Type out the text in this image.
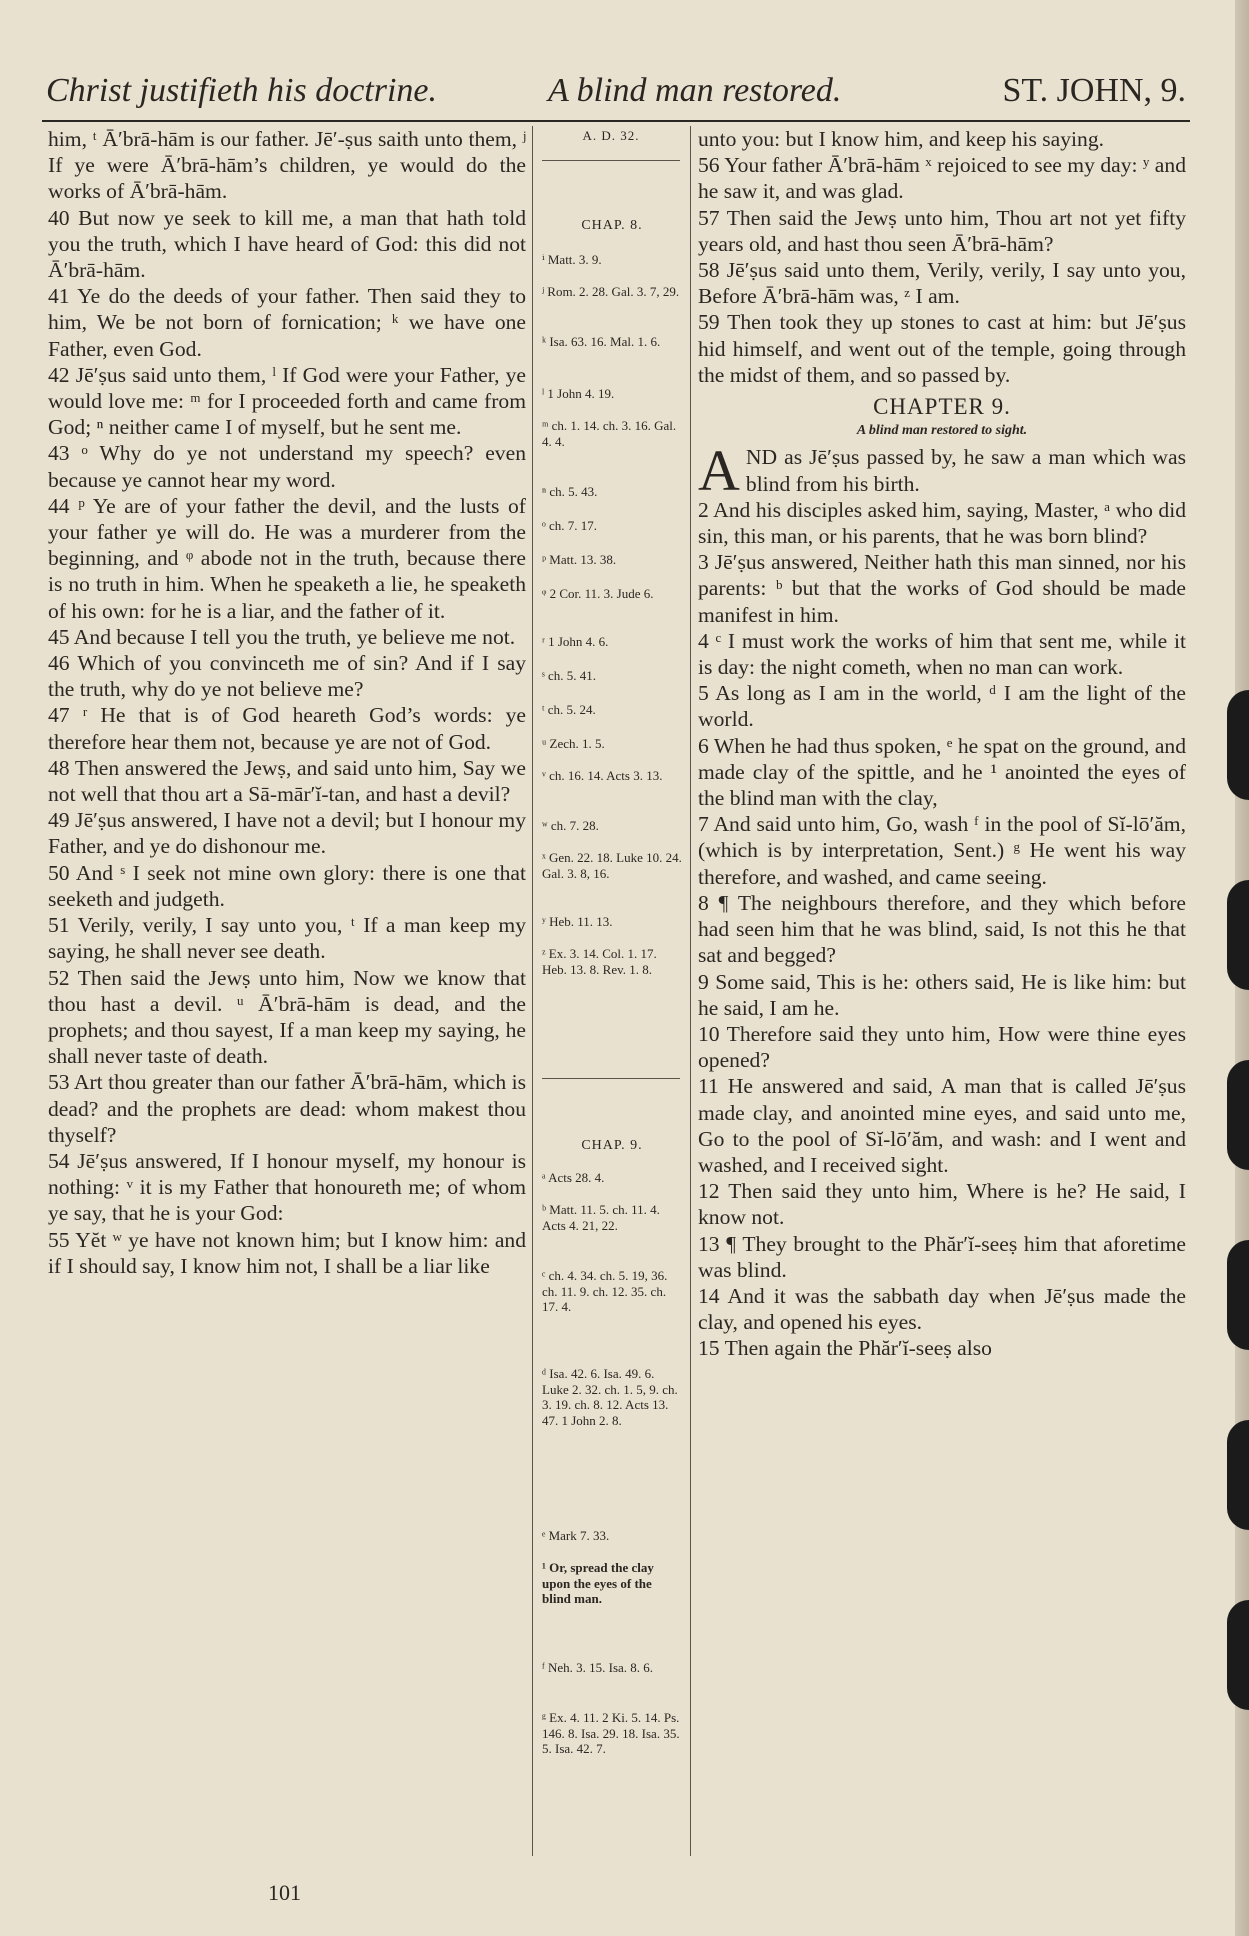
Christ justifieth his doctrine.	A blind man restored.	ST. JOHN, 9.

him, ᵗ Ā′brā-hām is our father. Jē′-ṣus saith unto them, ʲ If ye were Ā′brā-hām’s children, ye would do the works of Ā′brā-hām.

40 But now ye seek to kill me, a man that hath told you the truth, which I have heard of God: this did not Ā′brā-hām.

41 Ye do the deeds of your father. Then said they to him, We be not born of fornication; ᵏ we have one Father, even God.

42 Jē′ṣus said unto them, ˡ If God were your Father, ye would love me: ᵐ for I proceeded forth and came from God; ⁿ neither came I of myself, but he sent me.

43 ᵒ Why do ye not understand my speech? even because ye cannot hear my word.

44 ᵖ Ye are of your father the devil, and the lusts of your father ye will do. He was a murderer from the beginning, and ᵠ abode not in the truth, because there is no truth in him. When he speaketh a lie, he speaketh of his own: for he is a liar, and the father of it.

45 And because I tell you the truth, ye believe me not.

46 Which of you convinceth me of sin? And if I say the truth, why do ye not believe me?

47 ʳ He that is of God heareth God’s words: ye therefore hear them not, because ye are not of God.

48 Then answered the Jewṣ, and said unto him, Say we not well that thou art a Sā-mār′ĭ-tan, and hast a devil?

49 Jē′ṣus answered, I have not a devil; but I honour my Father, and ye do dishonour me.

50 And ˢ I seek not mine own glory: there is one that seeketh and judgeth.

51 Verily, verily, I say unto you, ᵗ If a man keep my saying, he shall never see death.

52 Then said the Jewṣ unto him, Now we know that thou hast a devil. ᵘ Ā′brā-hām is dead, and the prophets; and thou sayest, If a man keep my saying, he shall never taste of death.

53 Art thou greater than our father Ā′brā-hām, which is dead? and the prophets are dead: whom makest thou thyself?

54 Jē′ṣus answered, If I honour myself, my honour is nothing: ᵛ it is my Father that honoureth me; of whom ye say, that he is your God:

55 Yĕt ʷ ye have not known him; but I know him: and if I should say, I know him not, I shall be a liar like

A. D. 32.
CHAP. 8.
ⁱ Matt. 3. 9.
ʲ Rom. 2. 28. Gal. 3. 7, 29.
ᵏ Isa. 63. 16. Mal. 1. 6.
ˡ 1 John 4. 19.
ᵐ ch. 1. 14. ch. 3. 16. Gal. 4. 4.
ⁿ ch. 5. 43.
ᵒ ch. 7. 17.
ᵖ Matt. 13. 38.
ᵠ 2 Cor. 11. 3. Jude 6.
ʳ 1 John 4. 6.
ˢ ch. 5. 41.
ᵗ ch. 5. 24.
ᵘ Zech. 1. 5.
ᵛ ch. 16. 14. Acts 3. 13.
ʷ ch. 7. 28.
ˣ Gen. 22. 18. Luke 10. 24. Gal. 3. 8, 16.
ʸ Heb. 11. 13.
ᶻ Ex. 3. 14. Col. 1. 17. Heb. 13. 8. Rev. 1. 8.
CHAP. 9.
ᵃ Acts 28. 4.
ᵇ Matt. 11. 5. ch. 11. 4. Acts 4. 21, 22.
ᶜ ch. 4. 34. ch. 5. 19, 36. ch. 11. 9. ch. 12. 35. ch. 17. 4.
ᵈ Isa. 42. 6. Isa. 49. 6. Luke 2. 32. ch. 1. 5, 9. ch. 3. 19. ch. 8. 12. Acts 13. 47. 1 John 2. 8.
ᵉ Mark 7. 33.
¹ Or, spread the clay upon the eyes of the blind man.
ᶠ Neh. 3. 15. Isa. 8. 6.
ᵍ Ex. 4. 11. 2 Ki. 5. 14. Ps. 146. 8. Isa. 29. 18. Isa. 35. 5. Isa. 42. 7.

unto you: but I know him, and keep his saying.

56 Your father Ā′brā-hām ˣ rejoiced to see my day: ʸ and he saw it, and was glad.

57 Then said the Jewṣ unto him, Thou art not yet fifty years old, and hast thou seen Ā′brā-hām?

58 Jē′ṣus said unto them, Verily, verily, I say unto you, Before Ā′brā-hām was, ᶻ I am.

59 Then took they up stones to cast at him: but Jē′ṣus hid himself, and went out of the temple, going through the midst of them, and so passed by.

CHAPTER 9.
A blind man restored to sight.

AND as Jē′ṣus passed by, he saw a man which was blind from his birth.

2 And his disciples asked him, saying, Master, ᵃ who did sin, this man, or his parents, that he was born blind?

3 Jē′ṣus answered, Neither hath this man sinned, nor his parents: ᵇ but that the works of God should be made manifest in him.

4 ᶜ I must work the works of him that sent me, while it is day: the night cometh, when no man can work.

5 As long as I am in the world, ᵈ I am the light of the world.

6 When he had thus spoken, ᵉ he spat on the ground, and made clay of the spittle, and he ¹ anointed the eyes of the blind man with the clay,

7 And said unto him, Go, wash ᶠ in the pool of Sĭ-lō′ăm, (which is by interpretation, Sent.) ᵍ He went his way therefore, and washed, and came seeing.

8 ¶ The neighbours therefore, and they which before had seen him that he was blind, said, Is not this he that sat and begged?

9 Some said, This is he: others said, He is like him: but he said, I am he.

10 Therefore said they unto him, How were thine eyes opened?

11 He answered and said, A man that is called Jē′ṣus made clay, and anointed mine eyes, and said unto me, Go to the pool of Sĭ-lō′ăm, and wash: and I went and washed, and I received sight.

12 Then said they unto him, Where is he? He said, I know not.

13 ¶ They brought to the Phăr′ĭ-seeṣ him that aforetime was blind.

14 And it was the sabbath day when Jē′ṣus made the clay, and opened his eyes.

15 Then again the Phăr′ĭ-seeṣ also

101
